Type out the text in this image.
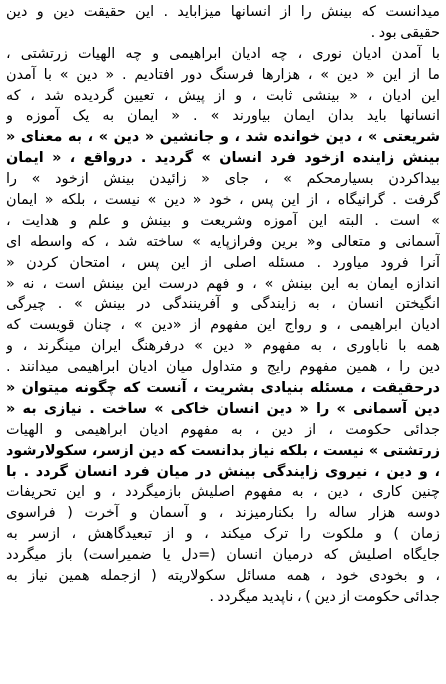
میدانست که بینش را از انسانها میزاباید . این حقیقت دین و دین
حقیقی بود .
با آمدن ادیان نوری ، چه ادیان ابراهیمی و چه الهیات زرتشتی ،
ما از این « دین » ، هزارها فرسنگ دور افتادیم . « دین » با آمدن
این ادیان ، « بینشی ثابت ، و از پیش ، تعیین گردیده شد ، که
انسانها باید بدان ایمان بیاورند » . « ایمان به یک آموزه و
شریعتی » ، دین خوانده شد ، و جانشین « دین » ، به معنای «
بینش زاینده ازخود فرد انسان » گردید . درواقع ، « ایمان
بیداکردن بسیارمحکم » ، جای « زائیدن بینش ازخود » را
گرفت . گرانیگاه ، از این پس ، خود « دین » نیست ، بلکه « ایمان
» است . البته این آموزه وشریعت و بینش و علم و هدایت ،
آسمانی و متعالی و« برین وفرازپایه » ساخته شد ، که واسطه ای
آنرا فرود میاورد . مسئله اصلی از این پس ، امتحان کردن «
اندازه ایمان به این بینش » ، و فهم درست این بینش است ، نه «
انگیختن انسان ، به زایندگی و آفرینندگی در بینش » . چیرگی
ادیان ابراهیمی ، و رواج این مفهوم از «دین » ، چنان قویست که
همه با ناباوری ، به مفهوم « دین » درفرهنگ ایران مینگرند ، و
دین را ، همین مفهوم رایج و متداول میان ادیان ابراهیمی میدانند .
درحقیقت ، مسئله بنیادی بشریت ، آنست که چگونه میتوان «
دین آسمانی » را « دین انسان خاکی » ساخت . نیازی به «
جدائی حکومت ، از دین ، به مفهوم ادیان ابراهیمی و الهیات
زرتشتی » نیست ، بلکه نیاز بدانست که دین ازسر، سکولارشود
، و دین ، نیروی زایندگی بینش در میان فرد انسان گردد . با
چنین کاری ، دین ، به مفهوم اصلیش بازمیگردد ، و این تحریفات
دوسه هزار ساله را بکنارمیزند ، و آسمان و آخرت ( فراسوی
زمان ) و ملکوت را ترک میکند ، و از تبعیدگاهش ، ازسر به
جایگاه اصلیش که درمیان انسان (=دل یا ضمیراست) باز میگردد
، و بخودی خود ، همه مسائل سکولاریته ( ازجمله همین نیاز به
جدائی حکومت از دین ) ، ناپدید میگردد .
